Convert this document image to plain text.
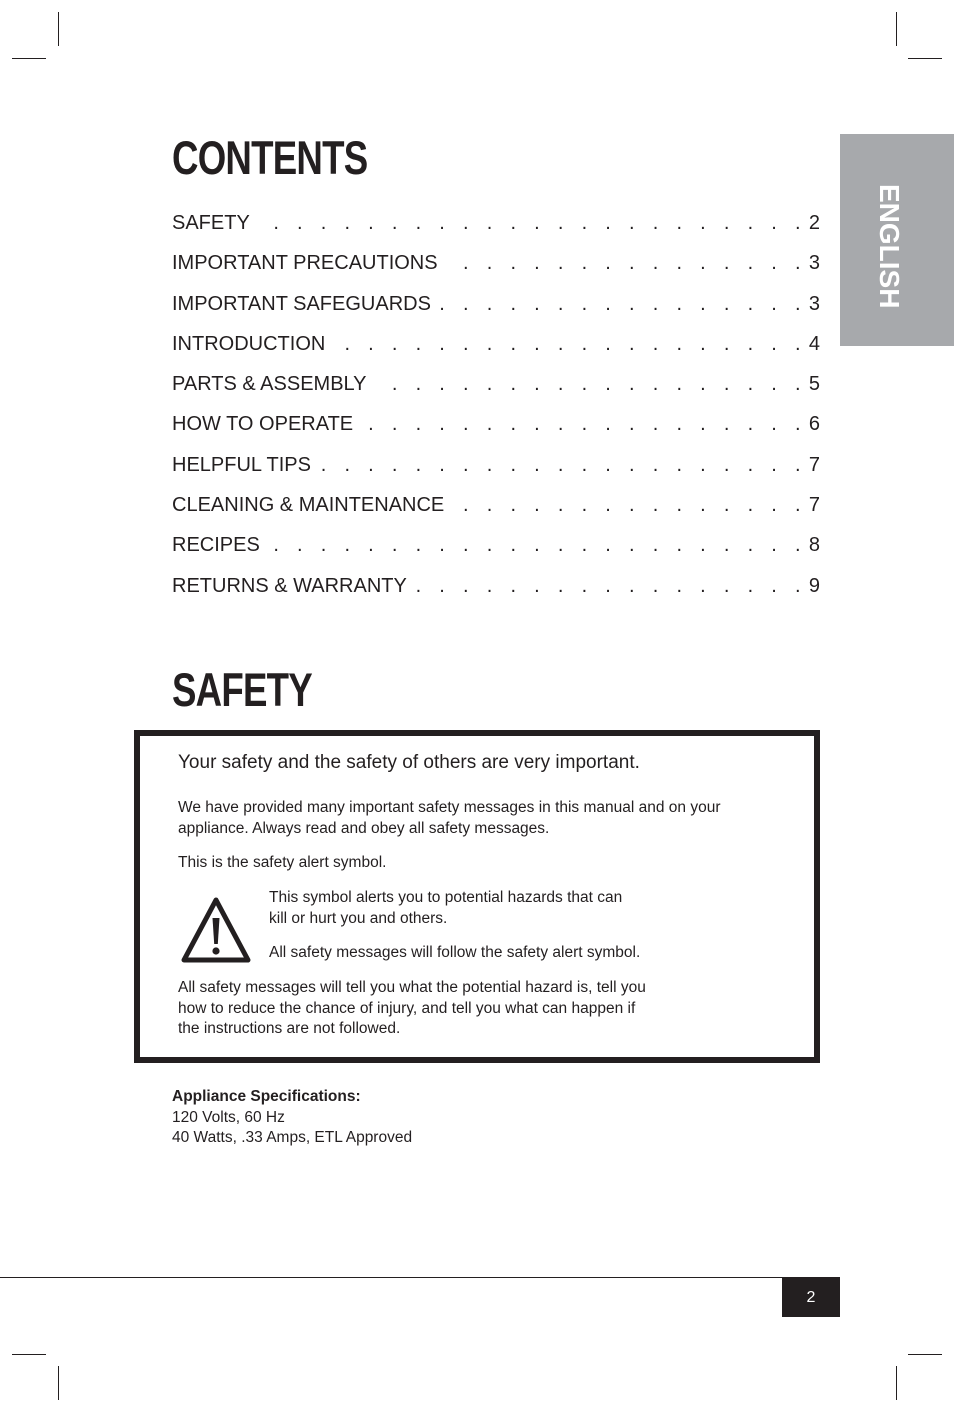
CONTENTS
SAFETY . . .	2
IMPORTANT PRECAUTIONS . . .	3
IMPORTANT SAFEGUARDS . . .	3
INTRODUCTION . . .	4
PARTS & ASSEMBLY . . .	5
HOW TO OPERATE . . .	6
HELPFUL TIPS . . .	7
CLEANING & MAINTENANCE . . .	7
RECIPES . . .	8
RETURNS & WARRANTY . . .	9
ENGLISH
SAFETY

Your safety and the safety of others are very important.

We have provided many important safety messages in this manual and on your appliance. Always read and obey all safety messages.

This is the safety alert symbol.

This symbol alerts you to potential hazards that can kill or hurt you and others.

All safety messages will follow the safety alert symbol.

All safety messages will tell you what the potential hazard is, tell you how to reduce the chance of injury, and tell you what can happen if the instructions are not followed.

Appliance Specifications:
120 Volts, 60 Hz
40 Watts, .33 Amps, ETL Approved
2
